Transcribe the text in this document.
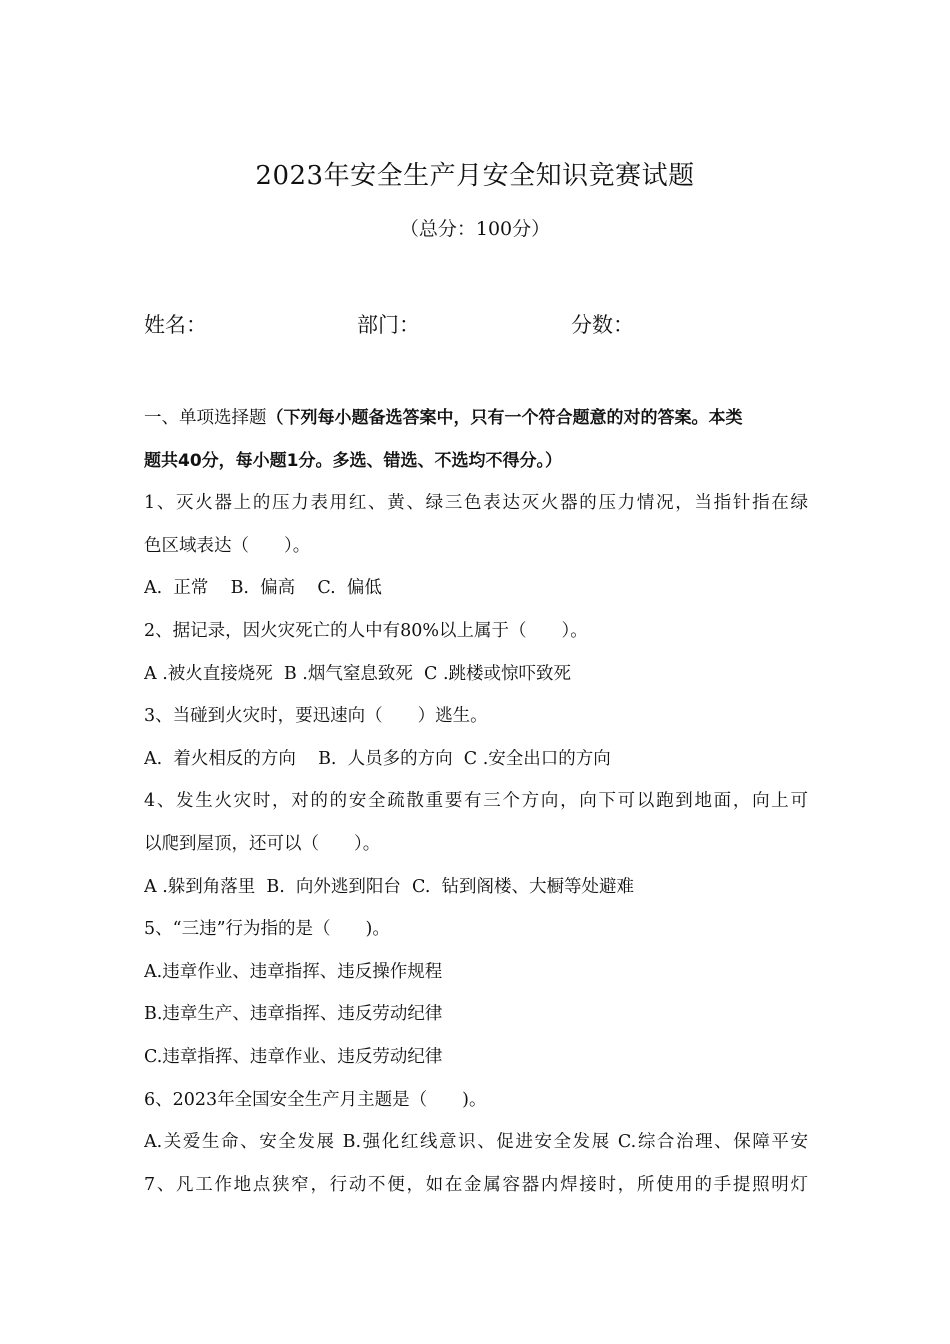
2023年安全生产月安全知识竞赛试题
（总分：100分）
姓名：	部门：	分数：
一、单项选择题（下列每小题备选答案中，只有一个符合题意的对的答案。本类
题共40分，每小题1分。多选、错选、不选均不得分。）
1、灭火器上的压力表用红、黄、绿三色表达灭火器的压力情况，当指针指在绿
色区域表达（　　）。
A.  正常    B.  偏高    C.  偏低
2、据记录，因火灾死亡的人中有80%以上属于（　　）。
A .被火直接烧死  B .烟气窒息致死  C .跳楼或惊吓致死
3、当碰到火灾时，要迅速向（　　）逃生。
A.  着火相反的方向    B.  人员多的方向  C .安全出口的方向
4、发生火灾时，对的的安全疏散重要有三个方向，向下可以跑到地面，向上可
以爬到屋顶，还可以（　　）。
A .躲到角落里  B.  向外逃到阳台  C.  钻到阁楼、大橱等处避难
5、“三违”行为指的是（　　)。
A.违章作业、违章指挥、违反操作规程
B.违章生产、违章指挥、违反劳动纪律
C.违章指挥、违章作业、违反劳动纪律
6、2023年全国安全生产月主题是（　　)。
A.关爱生命、安全发展 B.强化红线意识、促进安全发展 C.综合治理、保障平安
7、凡工作地点狭窄，行动不便，如在金属容器内焊接时，所使用的手提照明灯
